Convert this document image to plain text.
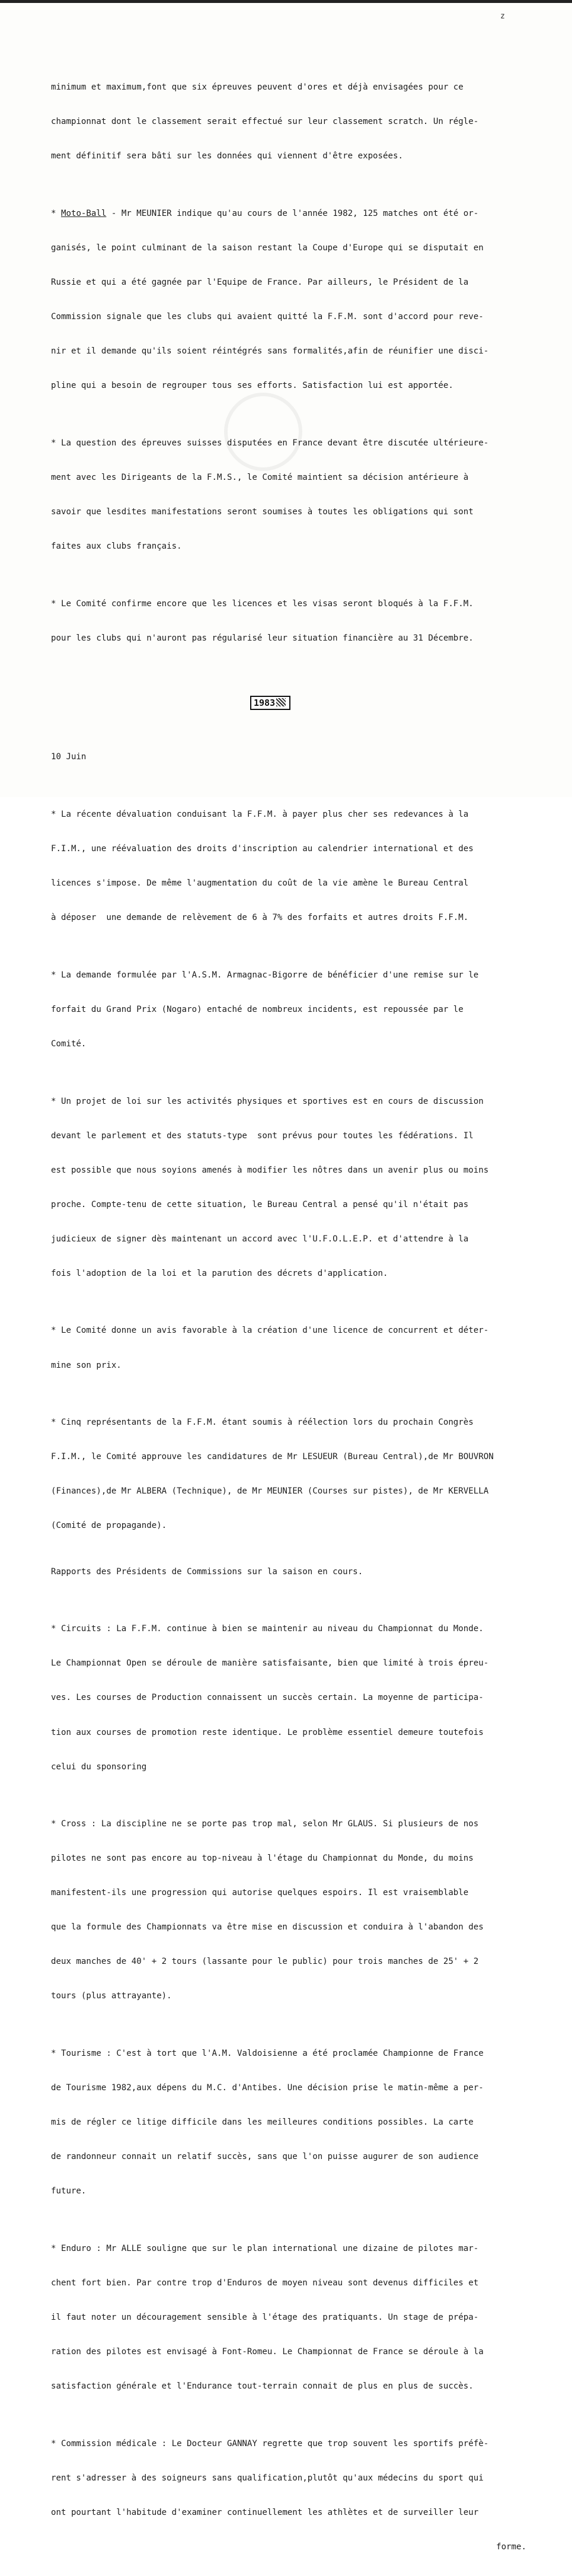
z

minimum et maximum,font que six épreuves peuvent d'ores et déjà envisagées pour ce

championnat dont le classement serait effectué sur leur classement scratch. Un régle-

ment définitif sera bâti sur les données qui viennent d'être exposées.

* Moto-Ball - Mr MEUNIER indique qu'au cours de l'année 1982, 125 matches ont été or-

ganisés, le point culminant de la saison restant la Coupe d'Europe qui se disputait en

Russie et qui a été gagnée par l'Equipe de France. Par ailleurs, le Président de la

Commission signale que les clubs qui avaient quitté la F.F.M. sont d'accord pour reve-

nir et il demande qu'ils soient réintégrés sans formalités,afin de réunifier une disci-

pline qui a besoin de regrouper tous ses efforts. Satisfaction lui est apportée.

* La question des épreuves suisses disputées en France devant être discutée ultérieure-

ment avec les Dirigeants de la F.M.S., le Comité maintient sa décision antérieure à

savoir que lesdites manifestations seront soumises à toutes les obligations qui sont

faites aux clubs français.

* Le Comité confirme encore que les licences et les visas seront bloqués à la F.F.M.

pour les clubs qui n'auront pas régularisé leur situation financière au 31 Décembre.

1983

10 Juin

* La récente dévaluation conduisant la F.F.M. à payer plus cher ses redevances à la

F.I.M., une réévaluation des droits d'inscription au calendrier international et des

licences s'impose. De même l'augmentation du coût de la vie amène le Bureau Central

à déposer  une demande de relèvement de 6 à 7% des forfaits et autres droits F.F.M.

* La demande formulée par l'A.S.M. Armagnac-Bigorre de bénéficier d'une remise sur le

forfait du Grand Prix (Nogaro) entaché de nombreux incidents, est repoussée par le

Comité.

* Un projet de loi sur les activités physiques et sportives est en cours de discussion

devant le parlement et des statuts-type  sont prévus pour toutes les fédérations. Il

est possible que nous soyions amenés à modifier les nôtres dans un avenir plus ou moins

proche. Compte-tenu de cette situation, le Bureau Central a pensé qu'il n'était pas

judicieux de signer dès maintenant un accord avec l'U.F.O.L.E.P. et d'attendre à la

fois l'adoption de la loi et la parution des décrets d'application.

* Le Comité donne un avis favorable à la création d'une licence de concurrent et déter-

mine son prix.

* Cinq représentants de la F.F.M. étant soumis à réélection lors du prochain Congrès

F.I.M., le Comité approuve les candidatures de Mr LESUEUR (Bureau Central),de Mr BOUVRON

(Finances),de Mr ALBERA (Technique), de Mr MEUNIER (Courses sur pistes), de Mr KERVELLA

(Comité de propagande).

Rapports des Présidents de Commissions sur la saison en cours.

* Circuits : La F.F.M. continue à bien se maintenir au niveau du Championnat du Monde.

Le Championnat Open se déroule de manière satisfaisante, bien que limité à trois épreu-

ves. Les courses de Production connaissent un succès certain. La moyenne de participa-

tion aux courses de promotion reste identique. Le problème essentiel demeure toutefois

celui du sponsoring

* Cross : La discipline ne se porte pas trop mal, selon Mr GLAUS. Si plusieurs de nos

pilotes ne sont pas encore au top-niveau à l'étage du Championnat du Monde, du moins

manifestent-ils une progression qui autorise quelques espoirs. Il est vraisemblable

que la formule des Championnats va être mise en discussion et conduira à l'abandon des

deux manches de 40' + 2 tours (lassante pour le public) pour trois manches de 25' + 2

tours (plus attrayante).

* Tourisme : C'est à tort que l'A.M. Valdoisienne a été proclamée Championne de France

de Tourisme 1982,aux dépens du M.C. d'Antibes. Une décision prise le matin-même a per-

mis de régler ce litige difficile dans les meilleures conditions possibles. La carte

de randonneur connait un relatif succès, sans que l'on puisse augurer de son audience

future.

* Enduro : Mr ALLE souligne que sur le plan international une dizaine de pilotes mar-

chent fort bien. Par contre trop d'Enduros de moyen niveau sont devenus difficiles et

il faut noter un découragement sensible à l'étage des pratiquants. Un stage de prépa-

ration des pilotes est envisagé à Font-Romeu. Le Championnat de France se déroule à la

satisfaction générale et l'Endurance tout-terrain connait de plus en plus de succès.

* Commission médicale : Le Docteur GANNAY regrette que trop souvent les sportifs préfè-

rent s'adresser à des soigneurs sans qualification,plutôt qu'aux médecins du sport qui

ont pourtant l'habitude d'examiner continuellement les athlètes et de surveiller leur

forme.
